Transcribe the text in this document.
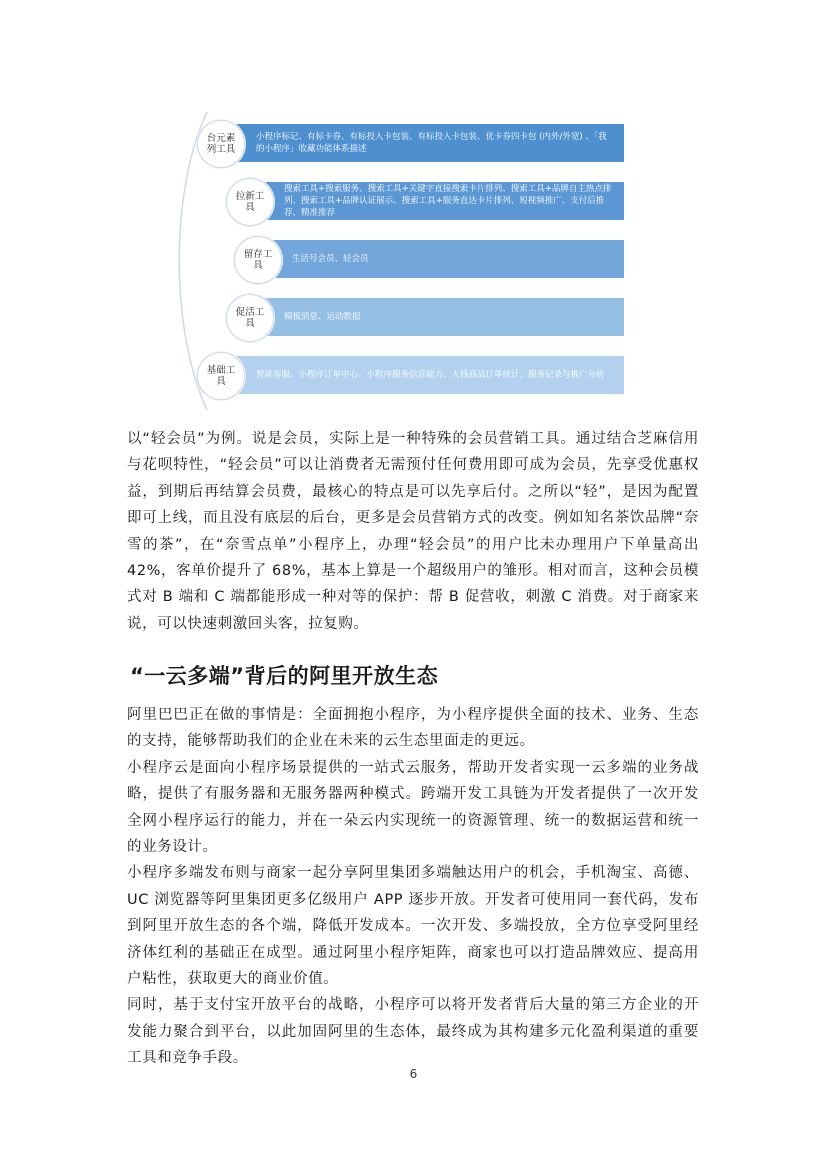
小程序标记、有标卡券、有标投入卡包装、有标投入卡包装、优卡券四卡包 (内外/外宽) 、「我的小程序」收藏功能体系描述
台元素列工具
搜索工具+搜索服务、搜索工具+关键字直接搜索卡片排列、搜索工具+品牌自主热点排列、搜索工具+品牌认证展示、搜索工具+服务直达卡片排列、短视频推广、支付后推荐、精准推荐
拉新工具
生活号会员、轻会员
留存工具
模板消息、运动数据
促活工具
智能客服、小程序订单中心、小程序服务信息能力、人钱商品订单统计、服务记录与推广分析
基础工具

以“轻会员”为例。说是会员，实际上是一种特殊的会员营销工具。通过结合芝麻信用与花呗特性，“轻会员”可以让消费者无需预付任何费用即可成为会员，先享受优惠权益，到期后再结算会员费，最核心的特点是可以先享后付。之所以“轻”，是因为配置即可上线，而且没有底层的后台，更多是会员营销方式的改变。例如知名茶饮品牌“奈雪的茶”，在“奈雪点单”小程序上，办理“轻会员”的用户比未办理用户下单量高出 42%，客单价提升了 68%，基本上算是一个超级用户的雏形。相对而言，这种会员模式对 B 端和 C 端都能形成一种对等的保护：帮 B 促营收，刺激 C 消费。对于商家来说，可以快速刺激回头客，拉复购。

“一云多端”背后的阿里开放生态

阿里巴巴正在做的事情是：全面拥抱小程序，为小程序提供全面的技术、业务、生态的支持，能够帮助我们的企业在未来的云生态里面走的更远。

小程序云是面向小程序场景提供的一站式云服务，帮助开发者实现一云多端的业务战略，提供了有服务器和无服务器两种模式。跨端开发工具链为开发者提供了一次开发全网小程序运行的能力，并在一朵云内实现统一的资源管理、统一的数据运营和统一的业务设计。

小程序多端发布则与商家一起分享阿里集团多端触达用户的机会，手机淘宝、高德、UC 浏览器等阿里集团更多亿级用户 APP 逐步开放。开发者可使用同一套代码，发布到阿里开放生态的各个端，降低开发成本。一次开发、多端投放，全方位享受阿里经济体红利的基础正在成型。通过阿里小程序矩阵，商家也可以打造品牌效应、提高用户粘性，获取更大的商业价值。

同时，基于支付宝开放平台的战略，小程序可以将开发者背后大量的第三方企业的开发能力聚合到平台，以此加固阿里的生态体，最终成为其构建多元化盈利渠道的重要工具和竞争手段。

6
